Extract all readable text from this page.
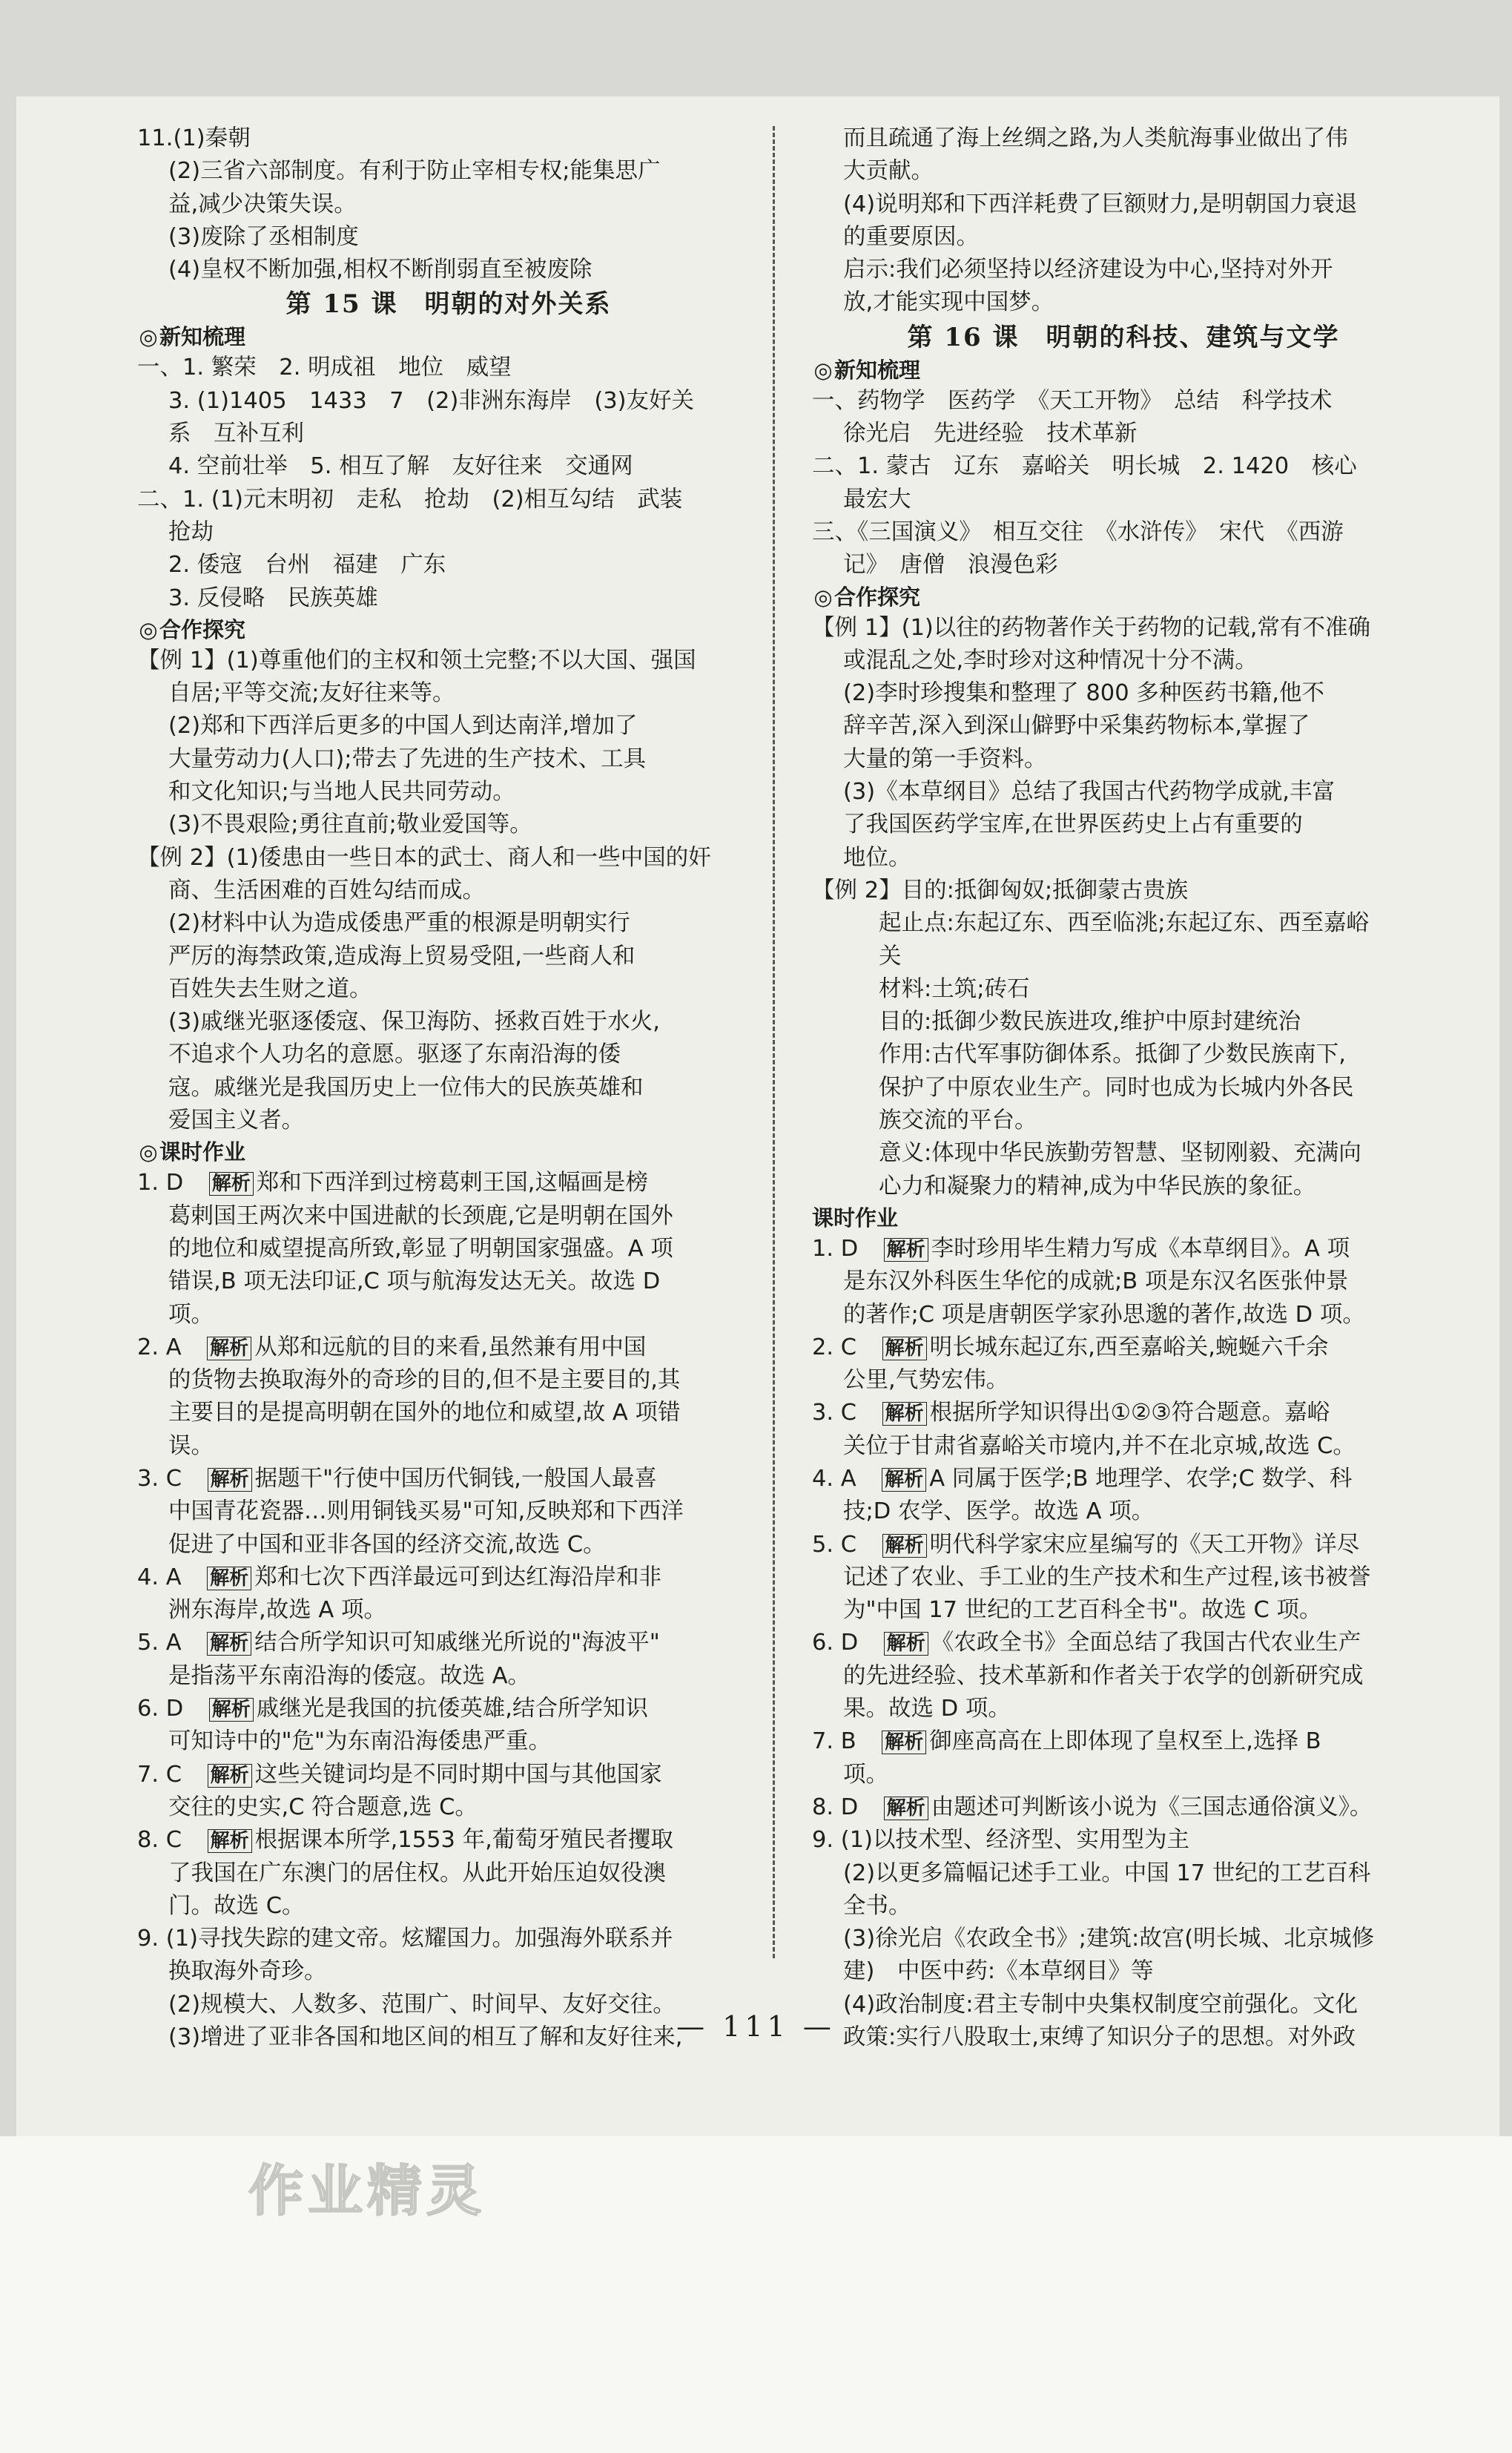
11.(1)秦朝
(2)三省六部制度。有利于防止宰相专权;能集思广
益,减少决策失误。
(3)废除了丞相制度
(4)皇权不断加强,相权不断削弱直至被废除
第 15 课　明朝的对外关系
◎新知梳理
一、1. 繁荣　2. 明成祖　地位　威望
3. (1)1405　1433　7　(2)非洲东海岸　(3)友好关
系　互补互利
4. 空前壮举　5. 相互了解　友好往来　交通网
二、1. (1)元末明初　走私　抢劫　(2)相互勾结　武装
抢劫
2. 倭寇　台州　福建　广东
3. 反侵略　民族英雄
◎合作探究
【例 1】(1)尊重他们的主权和领土完整;不以大国、强国
自居;平等交流;友好往来等。
(2)郑和下西洋后更多的中国人到达南洋,增加了
大量劳动力(人口);带去了先进的生产技术、工具
和文化知识;与当地人民共同劳动。
(3)不畏艰险;勇往直前;敬业爱国等。
【例 2】(1)倭患由一些日本的武士、商人和一些中国的奸
商、生活困难的百姓勾结而成。
(2)材料中认为造成倭患严重的根源是明朝实行
严厉的海禁政策,造成海上贸易受阻,一些商人和
百姓失去生财之道。
(3)戚继光驱逐倭寇、保卫海防、拯救百姓于水火,
不追求个人功名的意愿。驱逐了东南沿海的倭
寇。戚继光是我国历史上一位伟大的民族英雄和
爱国主义者。
◎课时作业
1. D　解析 郑和下西洋到过榜葛剌王国,这幅画是榜
葛剌国王两次来中国进献的长颈鹿,它是明朝在国外
的地位和威望提高所致,彰显了明朝国家强盛。A 项
错误,B 项无法印证,C 项与航海发达无关。故选 D
项。
2. A　解析 从郑和远航的目的来看,虽然兼有用中国
的货物去换取海外的奇珍的目的,但不是主要目的,其
主要目的是提高明朝在国外的地位和威望,故 A 项错
误。
3. C　解析 据题干"行使中国历代铜钱,一般国人最喜
中国青花瓷器…则用铜钱买易"可知,反映郑和下西洋
促进了中国和亚非各国的经济交流,故选 C。
4. A　解析 郑和七次下西洋最远可到达红海沿岸和非
洲东海岸,故选 A 项。
5. A　解析 结合所学知识可知戚继光所说的"海波平"
是指荡平东南沿海的倭寇。故选 A。
6. D　解析 戚继光是我国的抗倭英雄,结合所学知识
可知诗中的"危"为东南沿海倭患严重。
7. C　解析 这些关键词均是不同时期中国与其他国家
交往的史实,C 符合题意,选 C。
8. C　解析 根据课本所学,1553 年,葡萄牙殖民者攫取
了我国在广东澳门的居住权。从此开始压迫奴役澳
门。故选 C。
9. (1)寻找失踪的建文帝。炫耀国力。加强海外联系并
换取海外奇珍。
(2)规模大、人数多、范围广、时间早、友好交往。
(3)增进了亚非各国和地区间的相互了解和友好往来,
而且疏通了海上丝绸之路,为人类航海事业做出了伟
大贡献。
(4)说明郑和下西洋耗费了巨额财力,是明朝国力衰退
的重要原因。
启示:我们必须坚持以经济建设为中心,坚持对外开
放,才能实现中国梦。
第 16 课　明朝的科技、建筑与文学
◎新知梳理
一、药物学　医药学　《天工开物》　总结　科学技术
徐光启　先进经验　技术革新
二、1. 蒙古　辽东　嘉峪关　明长城　2. 1420　核心
最宏大
三、《三国演义》　相互交往　《水浒传》　宋代　《西游
记》　唐僧　浪漫色彩
◎合作探究
【例 1】(1)以往的药物著作关于药物的记载,常有不准确
或混乱之处,李时珍对这种情况十分不满。
(2)李时珍搜集和整理了 800 多种医药书籍,他不
辞辛苦,深入到深山僻野中采集药物标本,掌握了
大量的第一手资料。
(3)《本草纲目》总结了我国古代药物学成就,丰富
了我国医药学宝库,在世界医药史上占有重要的
地位。
【例 2】目的:抵御匈奴;抵御蒙古贵族
起止点:东起辽东、西至临洮;东起辽东、西至嘉峪
关
材料:土筑;砖石
目的:抵御少数民族进攻,维护中原封建统治
作用:古代军事防御体系。抵御了少数民族南下,
保护了中原农业生产。同时也成为长城内外各民
族交流的平台。
意义:体现中华民族勤劳智慧、坚韧刚毅、充满向
心力和凝聚力的精神,成为中华民族的象征。
课时作业
1. D　解析 李时珍用毕生精力写成《本草纲目》。A 项
是东汉外科医生华佗的成就;B 项是东汉名医张仲景
的著作;C 项是唐朝医学家孙思邈的著作,故选 D 项。
2. C　解析 明长城东起辽东,西至嘉峪关,蜿蜒六千余
公里,气势宏伟。
3. C　解析 根据所学知识得出①②③符合题意。嘉峪
关位于甘肃省嘉峪关市境内,并不在北京城,故选 C。
4. A　解析 A 同属于医学;B 地理学、农学;C 数学、科
技;D 农学、医学。故选 A 项。
5. C　解析 明代科学家宋应星编写的《天工开物》详尽
记述了农业、手工业的生产技术和生产过程,该书被誉
为"中国 17 世纪的工艺百科全书"。故选 C 项。
6. D　解析 《农政全书》全面总结了我国古代农业生产
的先进经验、技术革新和作者关于农学的创新研究成
果。故选 D 项。
7. B　解析 御座高高在上即体现了皇权至上,选择 B
项。
8. D　解析 由题述可判断该小说为《三国志通俗演义》。
9. (1)以技术型、经济型、实用型为主
(2)以更多篇幅记述手工业。中国 17 世纪的工艺百科
全书。
(3)徐光启《农政全书》;建筑:故宫(明长城、北京城修
建)　中医中药:《本草纲目》等
(4)政治制度:君主专制中央集权制度空前强化。文化
政策:实行八股取士,束缚了知识分子的思想。对外政
— 111 —
作业精灵
